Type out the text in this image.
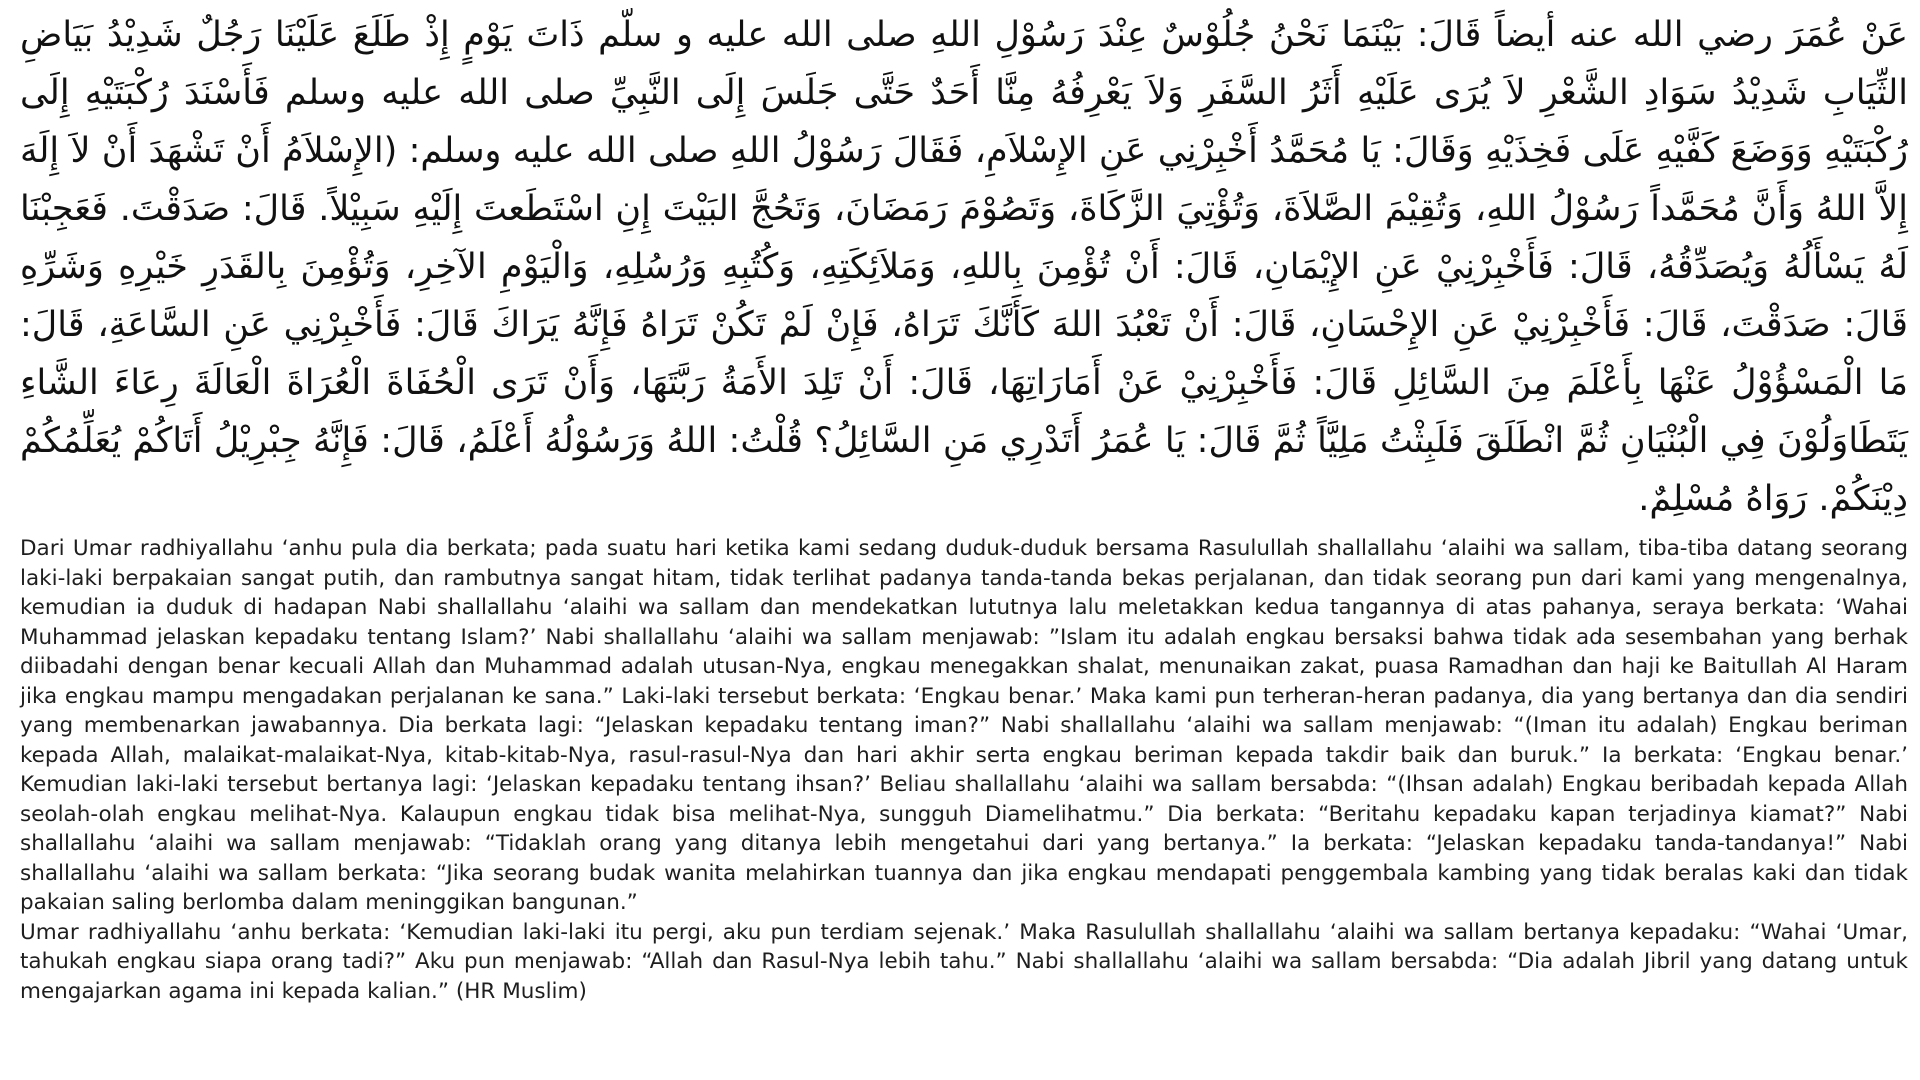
عَنْ عُمَرَ رضي الله عنه أيضاً قَالَ: بَيْنَمَا نَحْنُ جُلُوْسٌ عِنْدَ رَسُوْلِ اللهِ صلى الله عليه و سلّم ذَاتَ يَوْمٍ إِذْ طَلَعَ عَلَيْنَا رَجُلٌ شَدِيْدُ بَيَاضِ الثِّيَابِ شَدِيْدُ سَوَادِ الشَّعْرِ لاَ يُرَى عَلَيْهِ أَثَرُ السَّفَرِ وَلاَ يَعْرِفُهُ مِنَّا أَحَدٌ حَتَّى جَلَسَ إِلَى النَّبِيِّ صلى الله عليه وسلم فَأَسْنَدَ رُكْبَتَيْهِ إِلَى رُكْبَتَيْهِ وَوَضَعَ كَفَّيْهِ عَلَى فَخِذَيْهِ وَقَالَ: يَا مُحَمَّدُ أَخْبِرْنِي عَنِ الإِسْلاَمِ، فَقَالَ رَسُوْلُ اللهِ صلى الله عليه وسلم: (الإِسْلاَمُ أَنْ تَشْهَدَ أَنْ لاَ إِلَهَ إِلاَّ اللهُ وَأَنَّ مُحَمَّداً رَسُوْلُ اللهِ، وَتُقِيْمَ الصَّلاَةَ، وَتُؤْتِيَ الزَّكَاةَ، وَتَصُوْمَ رَمَضَانَ، وَتَحُجَّ البَيْتَ إِنِ اسْتَطَعتَ إِلَيْهِ سَبِيْلاً. قَالَ: صَدَقْتَ. فَعَجِبْنَا لَهُ يَسْأَلُهُ وَيُصَدِّقُهُ، قَالَ: فَأَخْبِرْنِيْ عَنِ الإِيْمَانِ، قَالَ: أَنْ تُؤْمِنَ بِاللهِ، وَمَلاَئِكَتِهِ، وَكُتُبِهِ وَرُسُلِهِ، وَالْيَوْمِ الآخِرِ، وَتُؤْمِنَ بِالقَدَرِ خَيْرِهِ وَشَرِّهِ قَالَ: صَدَقْتَ، قَالَ: فَأَخْبِرْنِيْ عَنِ الإِحْسَانِ، قَالَ: أَنْ تَعْبُدَ اللهَ كَأَنَّكَ تَرَاهُ، فَإِنْ لَمْ تَكُنْ تَرَاهُ فَإِنَّهُ يَرَاكَ قَالَ: فَأَخْبِرْنِي عَنِ السَّاعَةِ، قَالَ: مَا الْمَسْؤُوْلُ عَنْهَا بِأَعْلَمَ مِنَ السَّائِلِ قَالَ: فَأَخْبِرْنِيْ عَنْ أَمَارَاتِهَا، قَالَ: أَنْ تَلِدَ الأَمَةُ رَبَّتَهَا، وَأَنْ تَرَى الْحُفَاةَ الْعُرَاةَ الْعَالَةَ رِعَاءَ الشَّاءِ يَتَطَاوَلُوْنَ فِي الْبُنْيَانِ ثُمَّ انْطَلَقَ فَلَبِثْتُ مَلِيَّاً ثُمَّ قَالَ: يَا عُمَرُ أَتَدْرِي مَنِ السَّائِلُ؟ قُلْتُ: اللهُ وَرَسُوْلُهُ أَعْلَمُ، قَالَ: فَإِنَّهُ جِبْرِيْلُ أَتَاكُمْ يُعَلِّمُكُمْ دِيْنَكُمْ. رَوَاهُ مُسْلِمٌ.

Dari Umar radhiyallahu ‘anhu pula dia berkata; pada suatu hari ketika kami sedang duduk-duduk bersama Rasulullah shallallahu ‘alaihi wa sallam, tiba-tiba datang seorang laki-laki berpakaian sangat putih, dan rambutnya sangat hitam, tidak terlihat padanya tanda-tanda bekas perjalanan, dan tidak seorang pun dari kami yang mengenalnya, kemudian ia duduk di hadapan Nabi shallallahu ‘alaihi wa sallam dan mendekatkan lututnya lalu meletakkan kedua tangannya di atas pahanya, seraya berkata: ‘Wahai Muhammad jelaskan kepadaku tentang Islam?’ Nabi shallallahu ‘alaihi wa sallam menjawab: ”Islam itu adalah engkau bersaksi bahwa tidak ada sesembahan yang berhak diibadahi dengan benar kecuali Allah dan Muhammad adalah utusan-Nya, engkau menegakkan shalat, menunaikan zakat, puasa Ramadhan dan haji ke Baitullah Al Haram jika engkau mampu mengadakan perjalanan ke sana.” Laki-laki tersebut berkata: ‘Engkau benar.’ Maka kami pun terheran-heran padanya, dia yang bertanya dan dia sendiri yang membenarkan jawabannya. Dia berkata lagi: “Jelaskan kepadaku tentang iman?” Nabi shallallahu ‘alaihi wa sallam menjawab: “(Iman itu adalah) Engkau beriman kepada Allah, malaikat-malaikat-Nya, kitab-kitab-Nya, rasul-rasul-Nya dan hari akhir serta engkau beriman kepada takdir baik dan buruk.” Ia berkata: ‘Engkau benar.’ Kemudian laki-laki tersebut bertanya lagi: ‘Jelaskan kepadaku tentang ihsan?’ Beliau shallallahu ‘alaihi wa sallam bersabda: “(Ihsan adalah) Engkau beribadah kepada Allah seolah-olah engkau melihat-Nya. Kalaupun engkau tidak bisa melihat-Nya, sungguh Diamelihatmu.” Dia berkata: “Beritahu kepadaku kapan terjadinya kiamat?” Nabi shallallahu ‘alaihi wa sallam menjawab: “Tidaklah orang yang ditanya lebih mengetahui dari yang bertanya.” Ia berkata: “Jelaskan kepadaku tanda-tandanya!” Nabi shallallahu ‘alaihi wa sallam berkata: “Jika seorang budak wanita melahirkan tuannya dan jika engkau mendapati penggembala kambing yang tidak beralas kaki dan tidak pakaian saling berlomba dalam meninggikan bangunan.”

Umar radhiyallahu ‘anhu berkata: ‘Kemudian laki-laki itu pergi, aku pun terdiam sejenak.’ Maka Rasulullah shallallahu ‘alaihi wa sallam bertanya kepadaku: “Wahai ‘Umar, tahukah engkau siapa orang tadi?” Aku pun menjawab: “Allah dan Rasul-Nya lebih tahu.” Nabi shallallahu ‘alaihi wa sallam bersabda: “Dia adalah Jibril yang datang untuk mengajarkan agama ini kepada kalian.” (HR Muslim)
